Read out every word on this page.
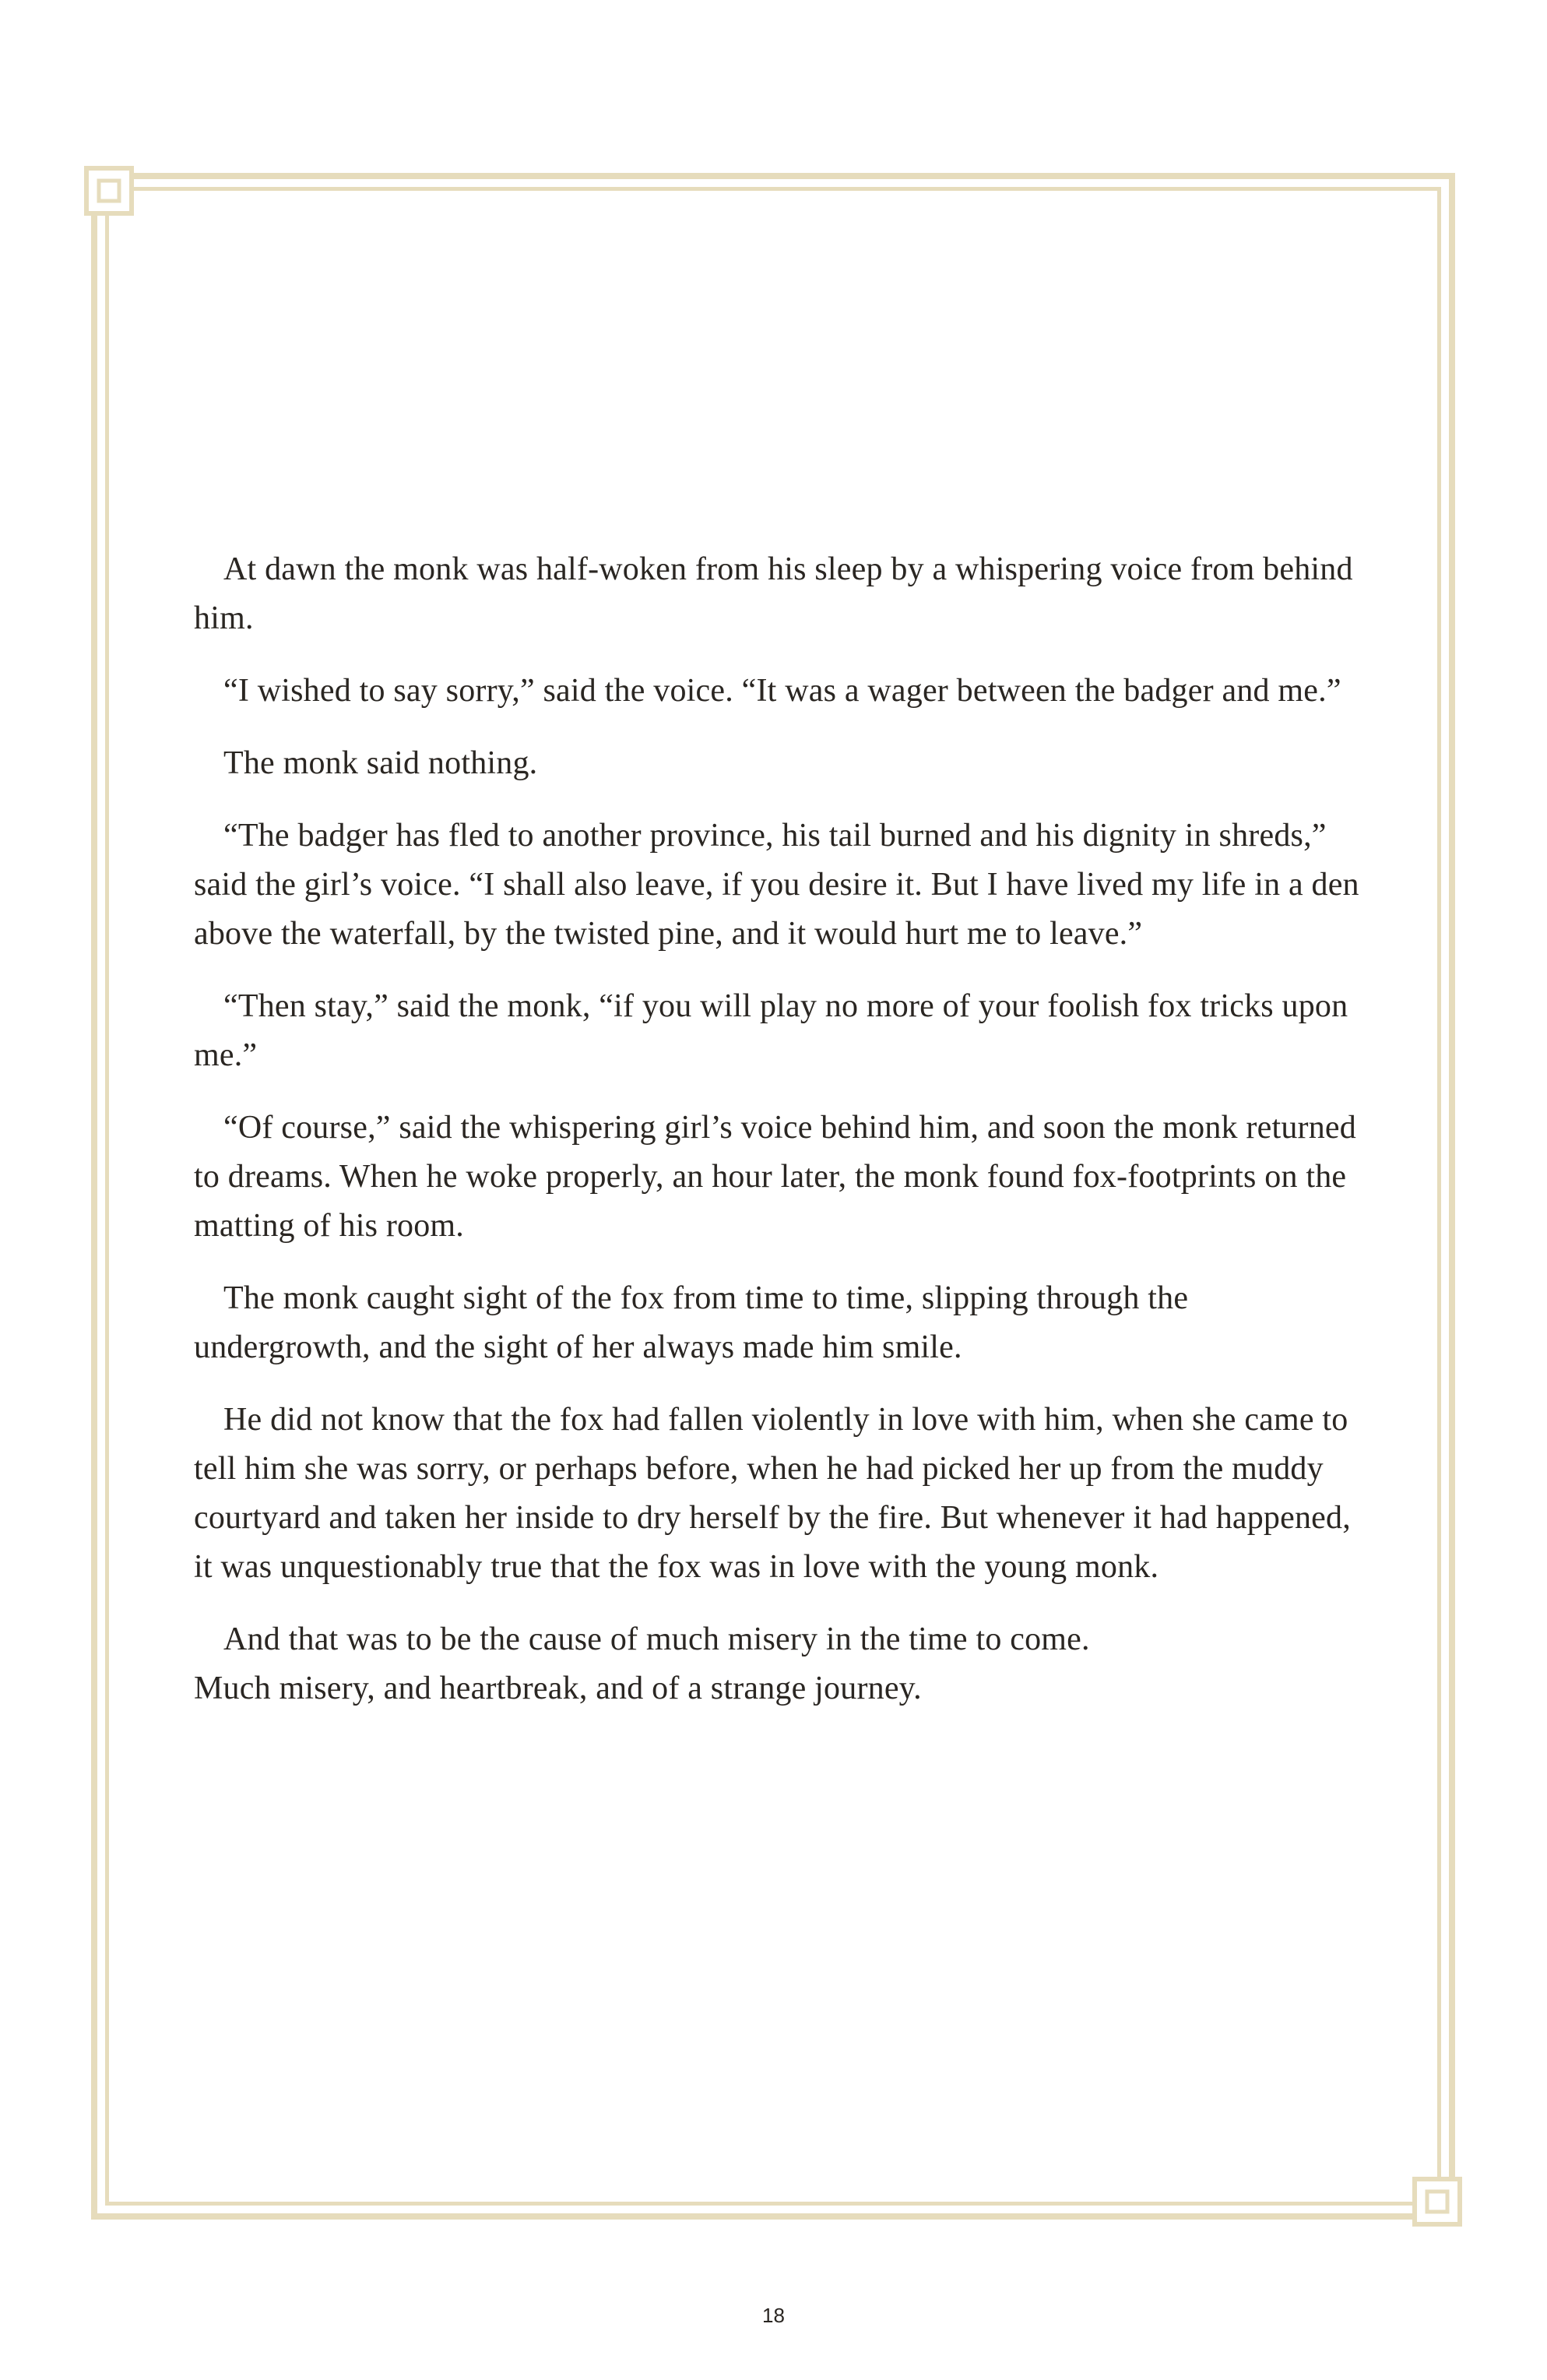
At dawn the monk was half-woken from his sleep by a whispering voice from behind him.

“I wished to say sorry,” said the voice. “It was a wager between the badger and me.”

The monk said nothing.

“The badger has fled to another province, his tail burned and his dignity in shreds,” said the girl’s voice. “I shall also leave, if you desire it. But I have lived my life in a den above the waterfall, by the twisted pine, and it would hurt me to leave.”

“Then stay,” said the monk, “if you will play no more of your foolish fox tricks upon me.”

“Of course,” said the whispering girl’s voice behind him, and soon the monk returned to dreams. When he woke properly, an hour later, the monk found fox-footprints on the matting of his room.

The monk caught sight of the fox from time to time, slipping through the undergrowth, and the sight of her always made him smile.

He did not know that the fox had fallen violently in love with him, when she came to tell him she was sorry, or perhaps before, when he had picked her up from the muddy courtyard and taken her inside to dry herself by the fire. But whenever it had happened, it was unquestionably true that the fox was in love with the young monk.

And that was to be the cause of much misery in the time to come.

Much misery, and heartbreak, and of a strange journey.

18
